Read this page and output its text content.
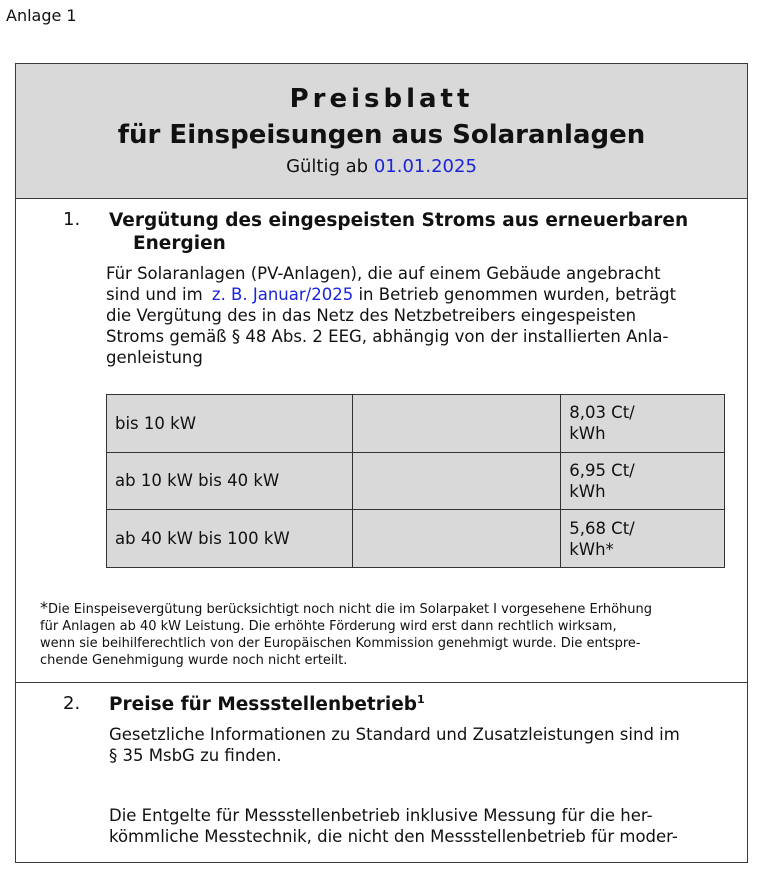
Anlage 1
Preisblatt
für Einspeisungen aus Solaranlagen
Gültig ab 01.01.2025
1. Vergütung des eingespeisten Stroms aus erneuerbaren
Energien
Für Solaranlagen (PV-Anlagen), die auf einem Gebäude angebracht
sind und im z. B. Januar/2025 in Betrieb genommen wurden, beträgt
die Vergütung des in das Netz des Netzbetreibers eingespeisten
Stroms gemäß § 48 Abs. 2 EEG, abhängig von der installierten Anla-
genleistung
bis 10 kW		8,03 Ct/
kWh

ab 10 kW bis 40 kW		6,95 Ct/
kWh

ab 40 kW bis 100 kW		5,68 Ct/
kWh*
*Die Einspeisevergütung berücksichtigt noch nicht die im Solarpaket I vorgesehene Erhöhung
für Anlagen ab 40 kW Leistung. Die erhöhte Förderung wird erst dann rechtlich wirksam,
wenn sie beihilferechtlich von der Europäischen Kommission genehmigt wurde. Die entspre-
chende Genehmigung wurde noch nicht erteilt.
2. Preise für Messstellenbetrieb$^1$
Gesetzliche Informationen zu Standard und Zusatzleistungen sind im
§ 35 MsbG zu finden.
Die Entgelte für Messstellenbetrieb inklusive Messung für die her-
kömmliche Messtechnik, die nicht den Messstellenbetrieb für moder-
